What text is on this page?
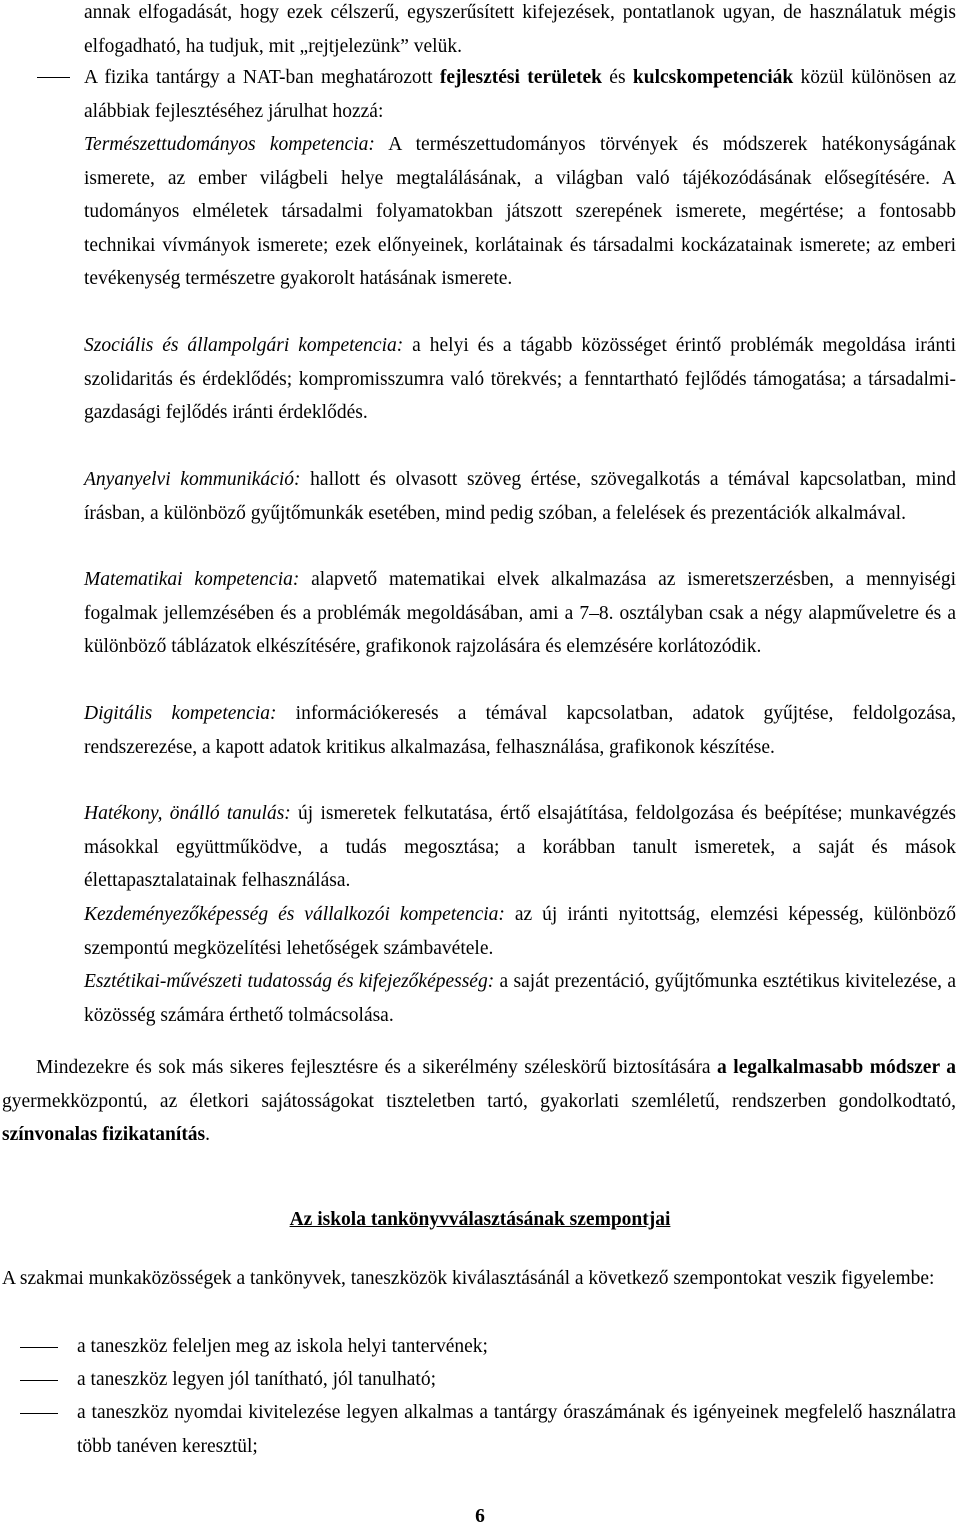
annak elfogadását, hogy ezek célszerű, egyszerűsített kifejezések, pontatlanok ugyan, de használatuk mégis elfogadható, ha tudjuk, mit „rejtjelezünk” velük.
A fizika tantárgy a NAT-ban meghatározott fejlesztési területek és kulcskompetenciák közül különösen az alábbiak fejlesztéséhez járulhat hozzá:
Természettudományos kompetencia: A természettudományos törvények és módszerek hatékonyságának ismerete, az ember világbeli helye megtalálásának, a világban való tájékozódásának elősegítésére. A tudományos elméletek társadalmi folyamatokban játszott szerepének ismerete, megértése; a fontosabb technikai vívmányok ismerete; ezek előnyeinek, korlátainak és társadalmi kockázatainak ismerete; az emberi tevékenység természetre gyakorolt hatásának ismerete.
Szociális és állampolgári kompetencia: a helyi és a tágabb közösséget érintő problémák megoldása iránti szolidaritás és érdeklődés; kompromisszumra való törekvés; a fenntartható fejlődés támogatása; a társadalmi-gazdasági fejlődés iránti érdeklődés.
Anyanyelvi kommunikáció: hallott és olvasott szöveg értése, szövegalkotás a témával kapcsolatban, mind írásban, a különböző gyűjtőmunkák esetében, mind pedig szóban, a felelések és prezentációk alkalmával.
Matematikai kompetencia: alapvető matematikai elvek alkalmazása az ismeretszerzésben, a mennyiségi fogalmak jellemzésében és a problémák megoldásában, ami a 7–8. osztályban csak a négy alapműveletre és a különböző táblázatok elkészítésére, grafikonok rajzolására és elemzésére korlátozódik.
Digitális kompetencia: információkeresés a témával kapcsolatban, adatok gyűjtése, feldolgozása, rendszerezése, a kapott adatok kritikus alkalmazása, felhasználása, grafikonok készítése.
Hatékony, önálló tanulás: új ismeretek felkutatása, értő elsajátítása, feldolgozása és beépítése; munkavégzés másokkal együttműködve, a tudás megosztása; a korábban tanult ismeretek, a saját és mások élettapasztalatainak felhasználása.
Kezdeményezőképesség és vállalkozói kompetencia: az új iránti nyitottság, elemzési képesség, különböző szempontú megközelítési lehetőségek számbavétele.
Esztétikai-művészeti tudatosság és kifejezőképesség: a saját prezentáció, gyűjtőmunka esztétikus kivitelezése, a közösség számára érthető tolmácsolása.
Mindezekre és sok más sikeres fejlesztésre és a sikerélmény széleskörű biztosítására a legalkalmasabb módszer a gyermekközpontú, az életkori sajátosságokat tiszteletben tartó, gyakorlati szemléletű, rendszerben gondolkodtató, színvonalas fizikatanítás.
Az iskola tankönyvválasztásának szempontjai
A szakmai munkaközösségek a tankönyvek, taneszközök kiválasztásánál a következő szempontokat veszik figyelembe:
a taneszköz feleljen meg az iskola helyi tantervének;
a taneszköz legyen jól tanítható, jól tanulható;
a taneszköz nyomdai kivitelezése legyen alkalmas a tantárgy óraszámának és igényeinek megfelelő használatra több tanéven keresztül;
6
